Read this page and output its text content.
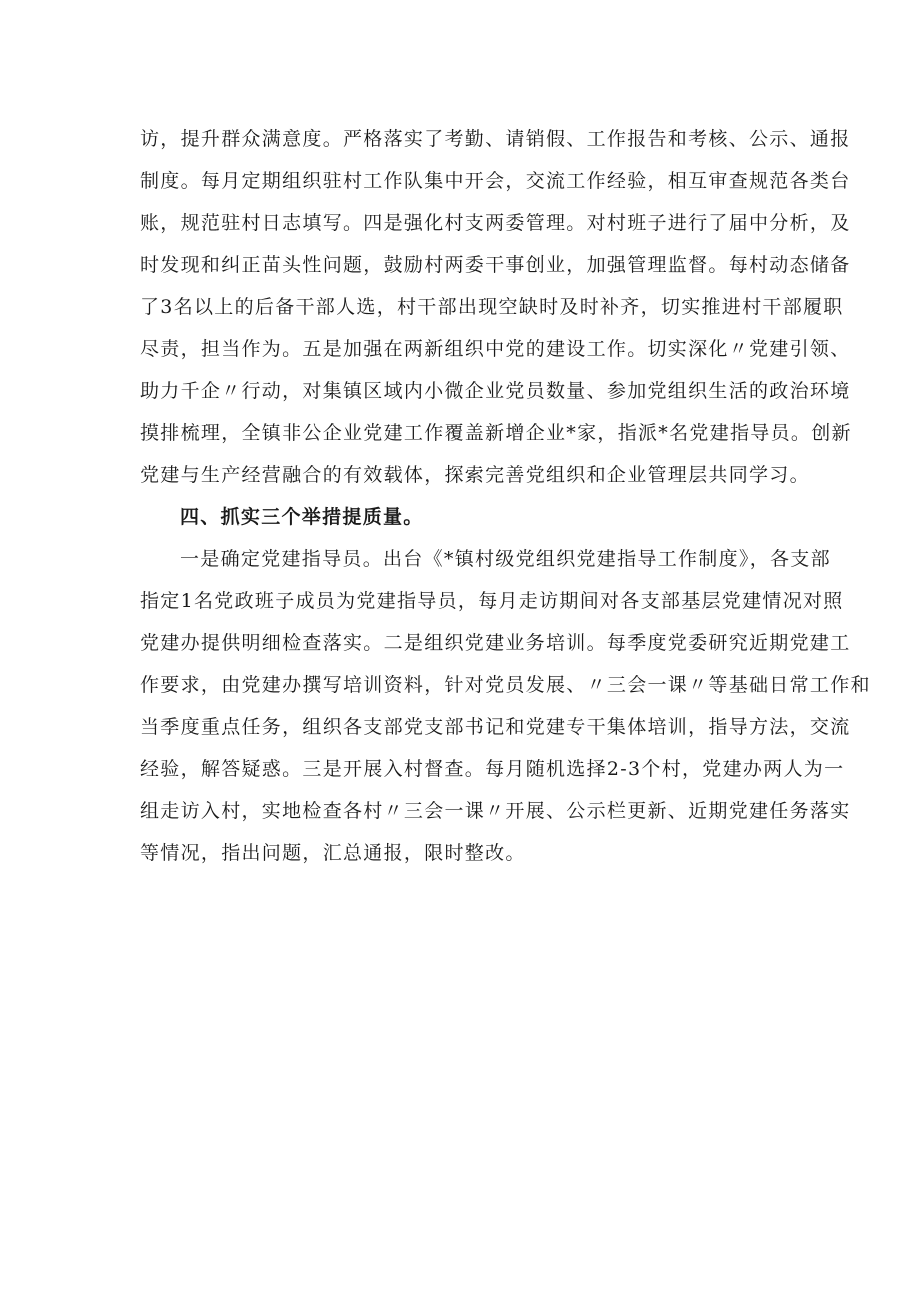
访，提升群众满意度。严格落实了考勤、请销假、工作报告和考核、公示、通报
制度。每月定期组织驻村工作队集中开会，交流工作经验，相互审查规范各类台
账，规范驻村日志填写。四是强化村支两委管理。对村班子进行了届中分析，及
时发现和纠正苗头性问题，鼓励村两委干事创业，加强管理监督。每村动态储备
了3名以上的后备干部人选，村干部出现空缺时及时补齐，切实推进村干部履职
尽责，担当作为。五是加强在两新组织中党的建设工作。切实深化〃党建引领、
助力千企〃行动，对集镇区域内小微企业党员数量、参加党组织生活的政治环境
摸排梳理，全镇非公企业党建工作覆盖新增企业*家，指派*名党建指导员。创新
党建与生产经营融合的有效载体，探索完善党组织和企业管理层共同学习。
四、抓实三个举措提质量。
一是确定党建指导员。出台《*镇村级党组织党建指导工作制度》，各支部
指定1名党政班子成员为党建指导员，每月走访期间对各支部基层党建情况对照
党建办提供明细检查落实。二是组织党建业务培训。每季度党委研究近期党建工
作要求，由党建办撰写培训资料，针对党员发展、〃三会一课〃等基础日常工作和
当季度重点任务，组织各支部党支部书记和党建专干集体培训，指导方法，交流
经验，解答疑惑。三是开展入村督查。每月随机选择2-3个村，党建办两人为一
组走访入村，实地检查各村〃三会一课〃开展、公示栏更新、近期党建任务落实
等情况，指出问题，汇总通报，限时整改。
